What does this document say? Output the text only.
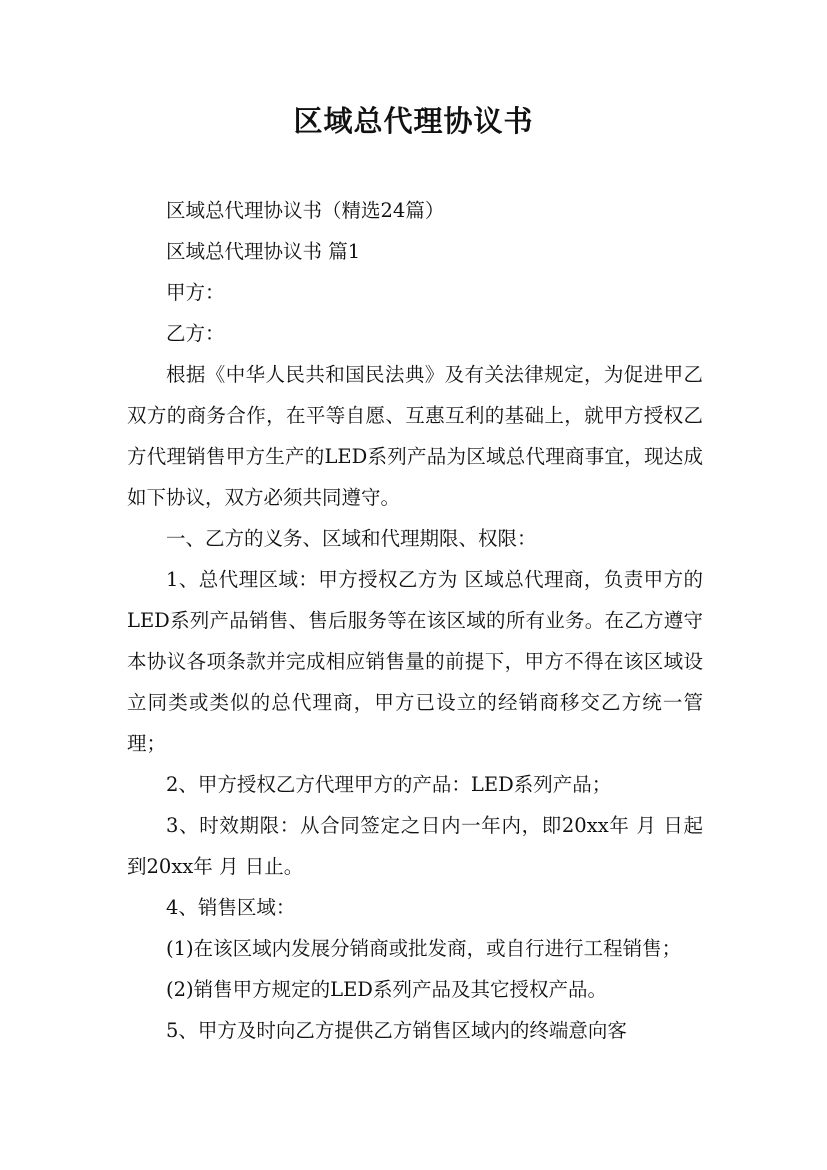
区域总代理协议书

区域总代理协议书（精选24篇）

区域总代理协议书 篇1

甲方：

乙方：

根据《中华人民共和国民法典》及有关法律规定，为促进甲乙双方的商务合作，在平等自愿、互惠互利的基础上，就甲方授权乙方代理销售甲方生产的LED系列产品为区域总代理商事宜，现达成如下协议，双方必须共同遵守。

一、乙方的义务、区域和代理期限、权限：

1、总代理区域：甲方授权乙方为 区域总代理商，负责甲方的LED系列产品销售、售后服务等在该区域的所有业务。在乙方遵守本协议各项条款并完成相应销售量的前提下，甲方不得在该区域设立同类或类似的总代理商，甲方已设立的经销商移交乙方统一管理；

2、甲方授权乙方代理甲方的产品：LED系列产品；

3、时效期限：从合同签定之日内一年内，即20xx年 月 日起到20xx年 月 日止。

4、销售区域：

(1)在该区域内发展分销商或批发商，或自行进行工程销售；

(2)销售甲方规定的LED系列产品及其它授权产品。

5、甲方及时向乙方提供乙方销售区域内的终端意向客
